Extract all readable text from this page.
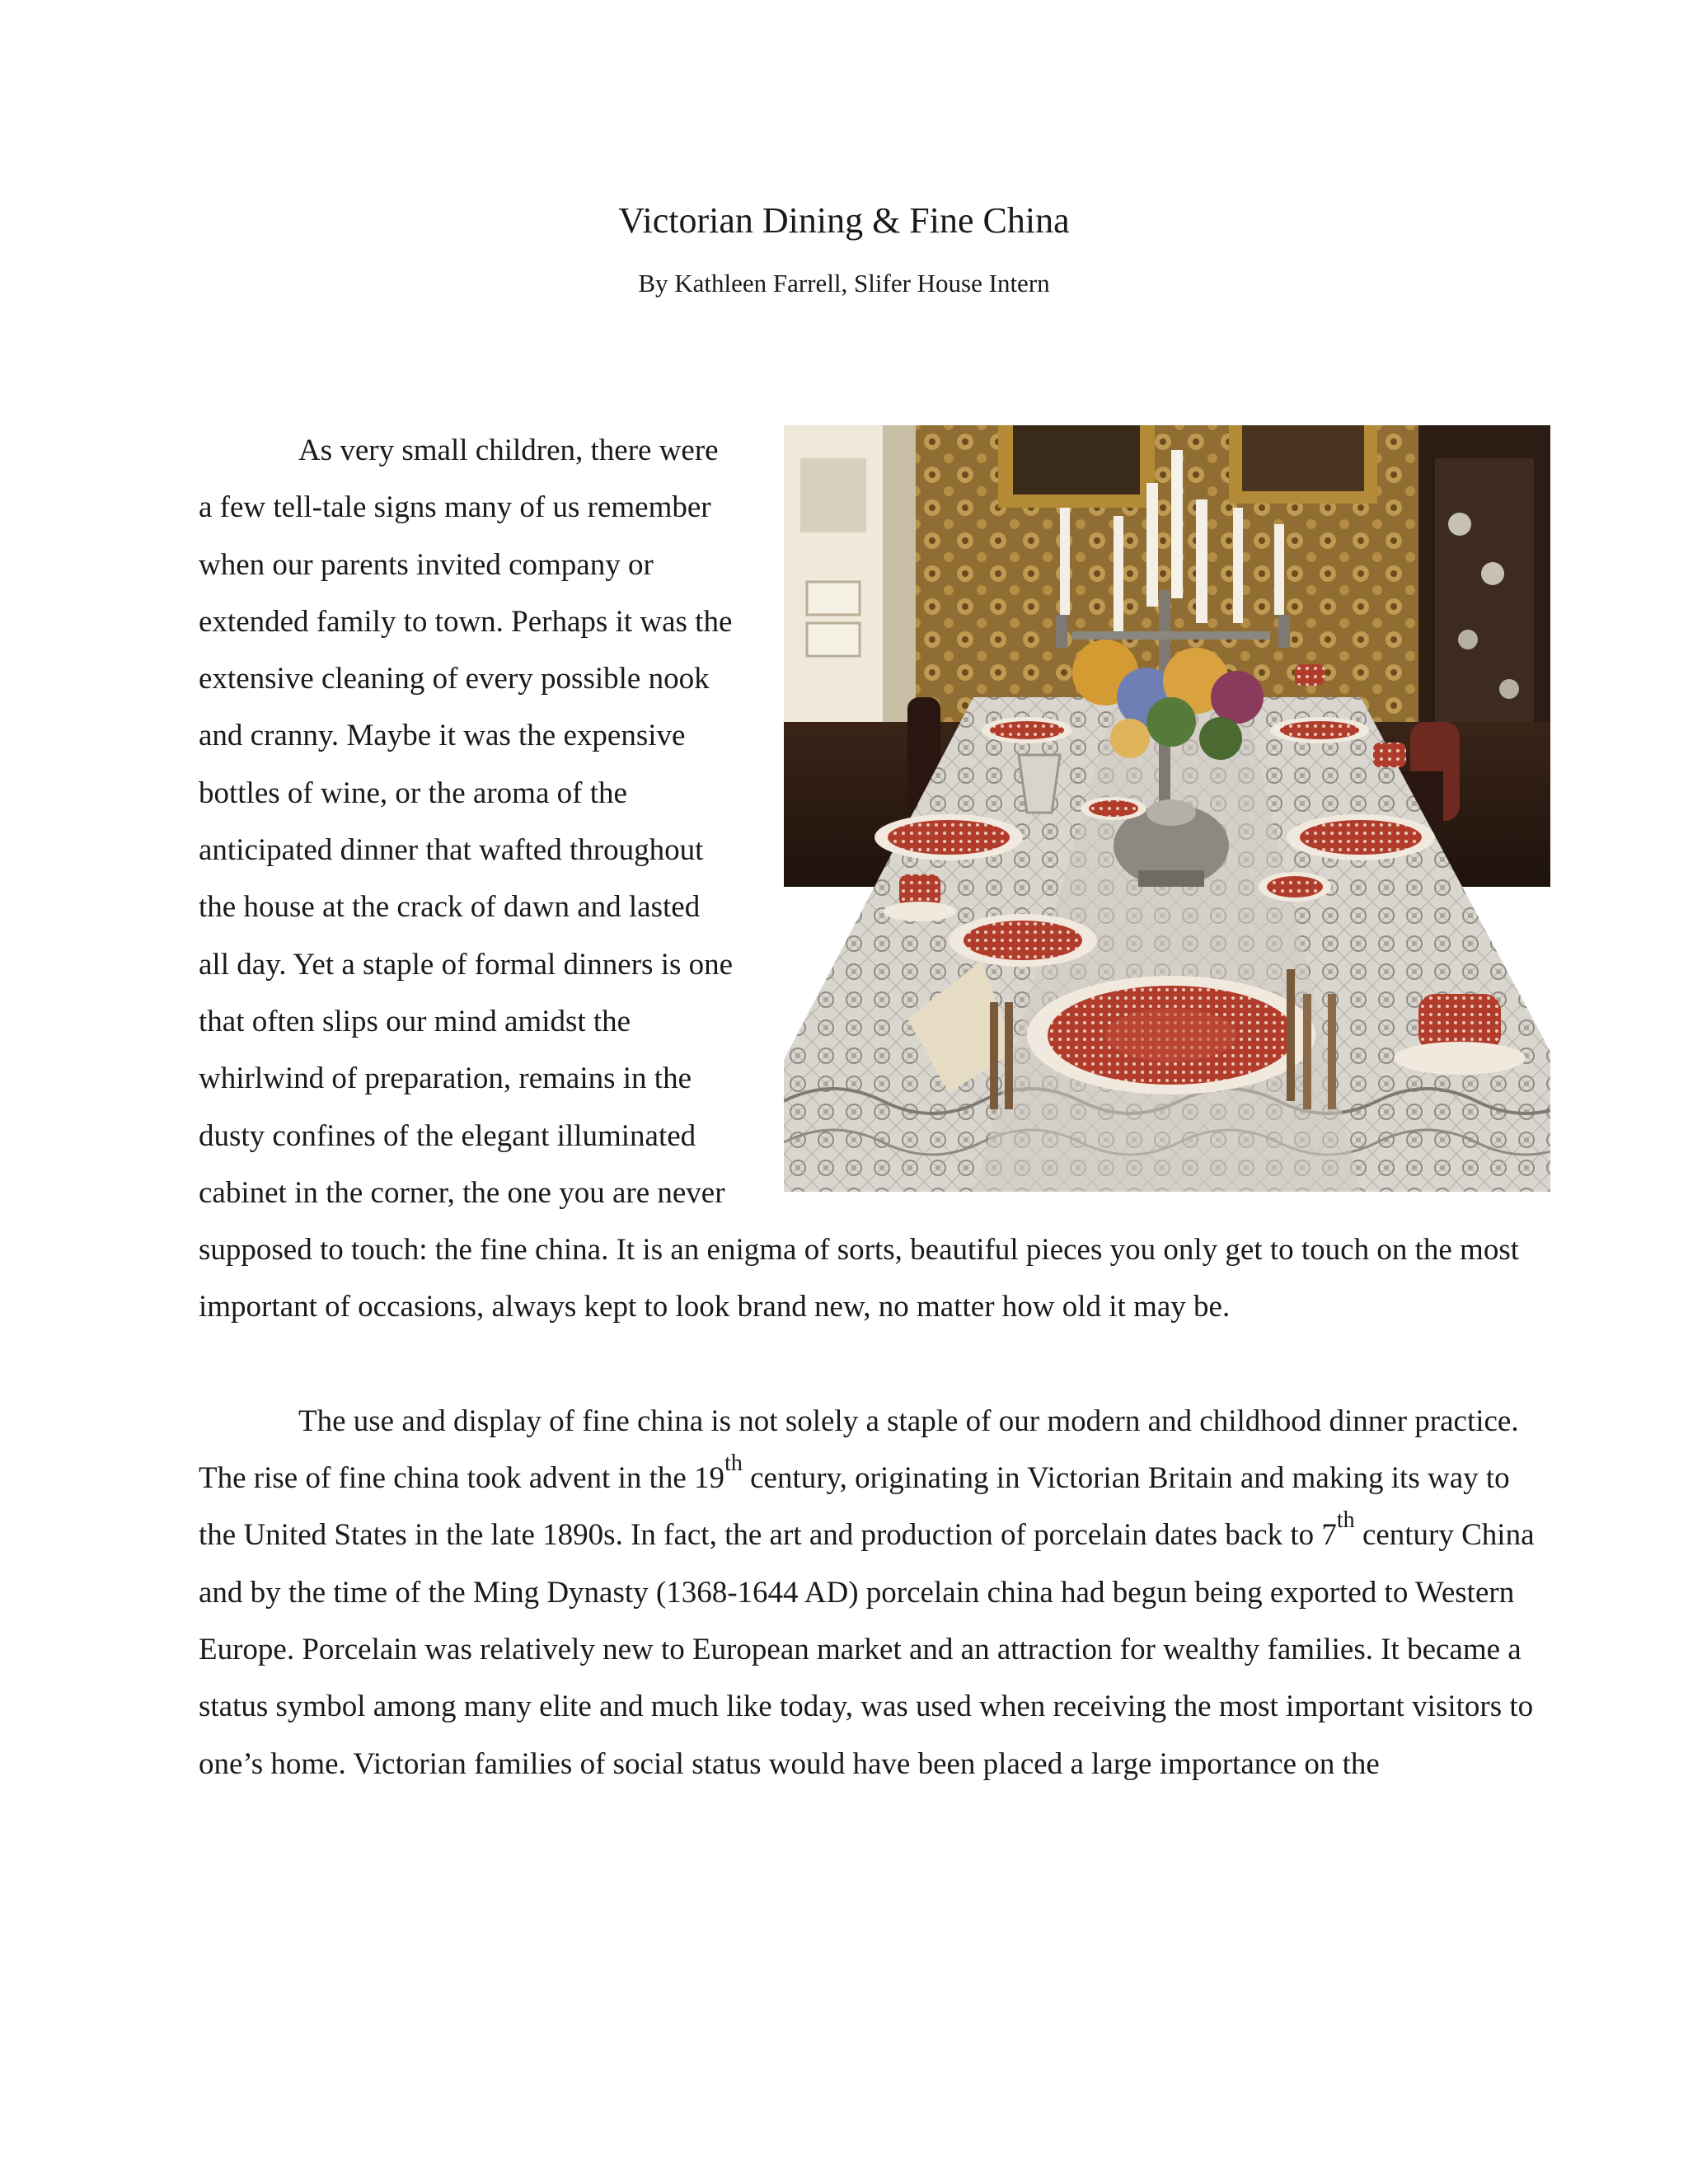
Victorian Dining & Fine China

By Kathleen Farrell, Slifer House Intern

As very small children, there were a few tell-tale signs many of us remember when our parents invited company or extended family to town. Perhaps it was the extensive cleaning of every possible nook and cranny. Maybe it was the expensive bottles of wine, or the aroma of the anticipated dinner that wafted throughout the house at the crack of dawn and lasted all day. Yet a staple of formal dinners is one that often slips our mind amidst the whirlwind of preparation, remains in the dusty confines of the elegant illuminated cabinet in the corner, the one you are never supposed to touch: the fine china. It is an enigma of sorts, beautiful pieces you only get to touch on the most important of occasions, always kept to look brand new, no matter how old it may be.

The use and display of fine china is not solely a staple of our modern and childhood dinner practice. The rise of fine china took advent in the 19th century, originating in Victorian Britain and making its way to the United States in the late 1890s. In fact, the art and production of porcelain dates back to 7th century China and by the time of the Ming Dynasty (1368-1644 AD) porcelain china had begun being exported to Western Europe. Porcelain was relatively new to European market and an attraction for wealthy families. It became a status symbol among many elite and much like today, was used when receiving the most important visitors to one’s home. Victorian families of social status would have been placed a large importance on the
